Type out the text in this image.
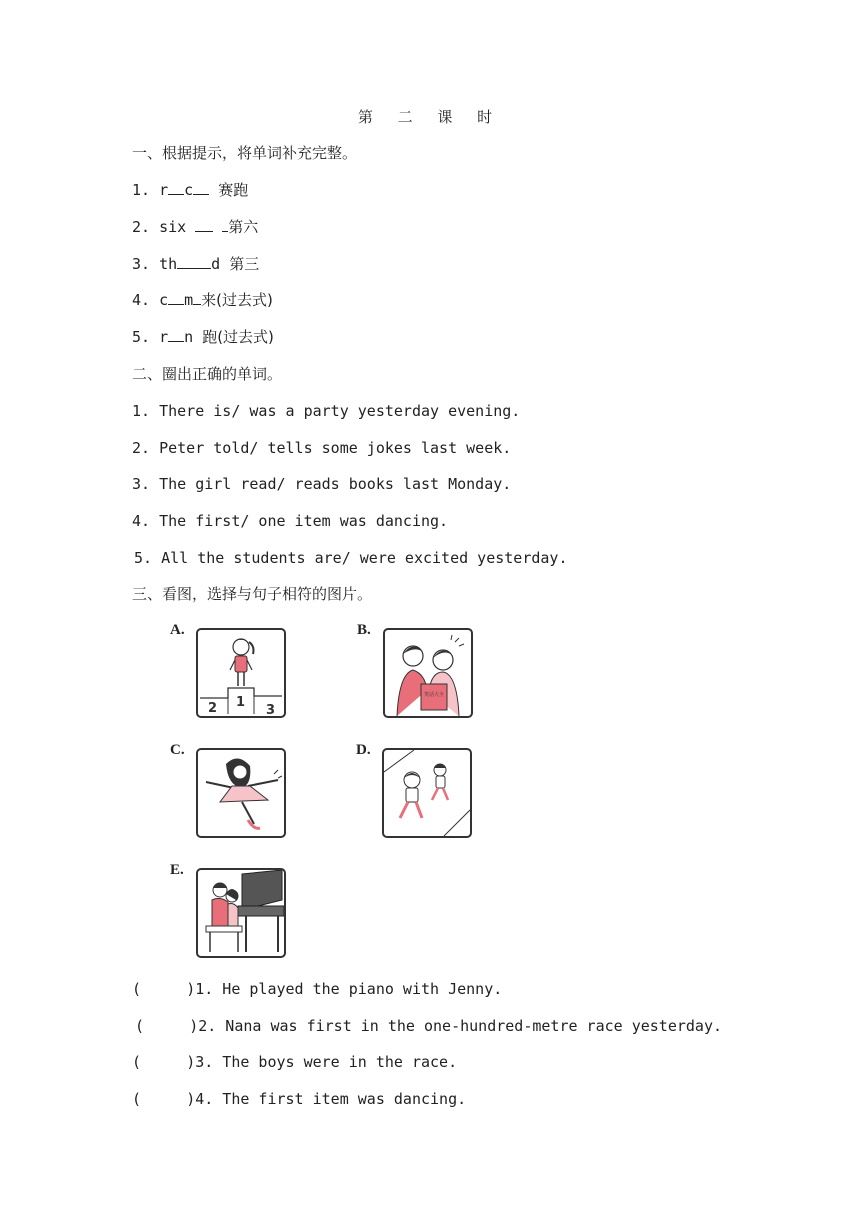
第 二 课 时
一、根据提示，将单词补充完整。
1. r c 赛跑
2. six	第六
3. th d 第三
4. c m 来(过去式)
5. r n 跑(过去式)
二、圈出正确的单词。
1. There is/ was a party yesterday evening.
2. Peter told/ tells some jokes last week.
3. The girl read/ reads books last Monday.
4. The first/ one item was dancing.
5. All the students are/ were excited yesterday.
三、看图，选择与句子相符的图片。
A.
2 1
3
B.
笑话大全
C.	D.
E.
(	)1. He played the piano with Jenny.
(	)2. Nana was first in the one-hundred-metre race yesterday.
(	)3. The boys were in the race.
(	)4. The first item was dancing.
